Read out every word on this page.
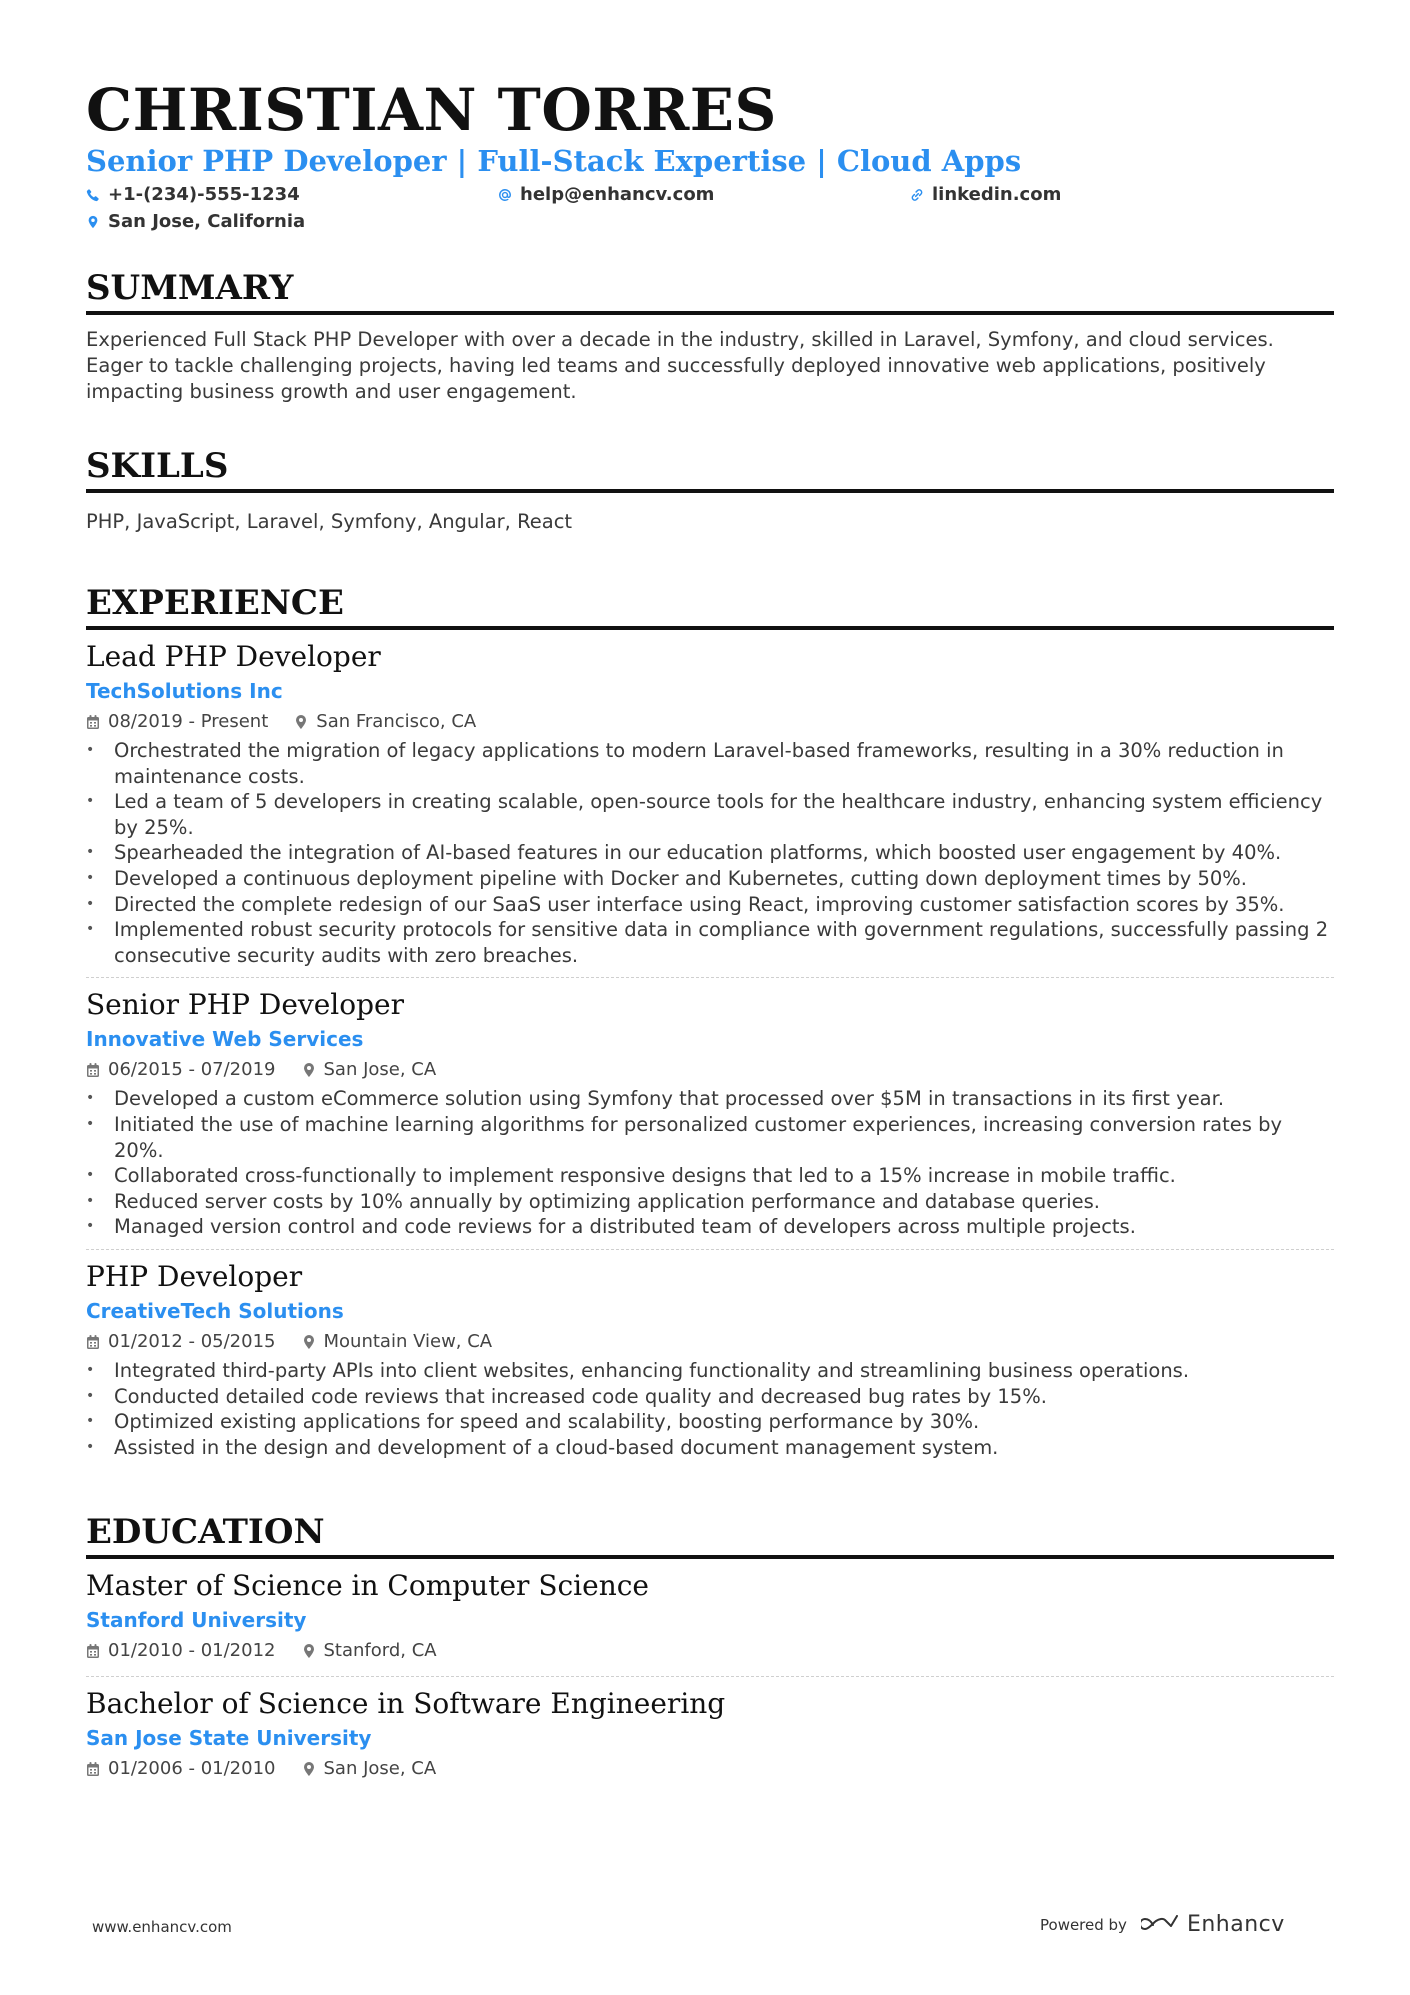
CHRISTIAN TORRES
Senior PHP Developer | Full-Stack Expertise | Cloud Apps
+1-(234)-555-1234	help@enhancv.com	linkedin.com
San Jose, California
SUMMARY
Experienced Full Stack PHP Developer with over a decade in the industry, skilled in Laravel, Symfony, and cloud services. Eager to tackle challenging projects, having led teams and successfully deployed innovative web applications, positively impacting business growth and user engagement.
SKILLS
PHP, JavaScript, Laravel, Symfony, Angular, React
EXPERIENCE
Lead PHP Developer
TechSolutions Inc
08/2019 - Present	San Francisco, CA
• Orchestrated the migration of legacy applications to modern Laravel-based frameworks, resulting in a 30% reduction in maintenance costs.
• Led a team of 5 developers in creating scalable, open-source tools for the healthcare industry, enhancing system efficiency by 25%.
• Spearheaded the integration of AI-based features in our education platforms, which boosted user engagement by 40%.
• Developed a continuous deployment pipeline with Docker and Kubernetes, cutting down deployment times by 50%.
• Directed the complete redesign of our SaaS user interface using React, improving customer satisfaction scores by 35%.
• Implemented robust security protocols for sensitive data in compliance with government regulations, successfully passing 2 consecutive security audits with zero breaches.
Senior PHP Developer
Innovative Web Services
06/2015 - 07/2019	San Jose, CA
• Developed a custom eCommerce solution using Symfony that processed over $5M in transactions in its first year.
• Initiated the use of machine learning algorithms for personalized customer experiences, increasing conversion rates by 20%.
• Collaborated cross-functionally to implement responsive designs that led to a 15% increase in mobile traffic.
• Reduced server costs by 10% annually by optimizing application performance and database queries.
• Managed version control and code reviews for a distributed team of developers across multiple projects.
PHP Developer
CreativeTech Solutions
01/2012 - 05/2015	Mountain View, CA
• Integrated third-party APIs into client websites, enhancing functionality and streamlining business operations.
• Conducted detailed code reviews that increased code quality and decreased bug rates by 15%.
• Optimized existing applications for speed and scalability, boosting performance by 30%.
• Assisted in the design and development of a cloud-based document management system.
EDUCATION
Master of Science in Computer Science
Stanford University
01/2010 - 01/2012	Stanford, CA
Bachelor of Science in Software Engineering
San Jose State University
01/2006 - 01/2010	San Jose, CA
www.enhancv.com	Powered by	Enhancv
